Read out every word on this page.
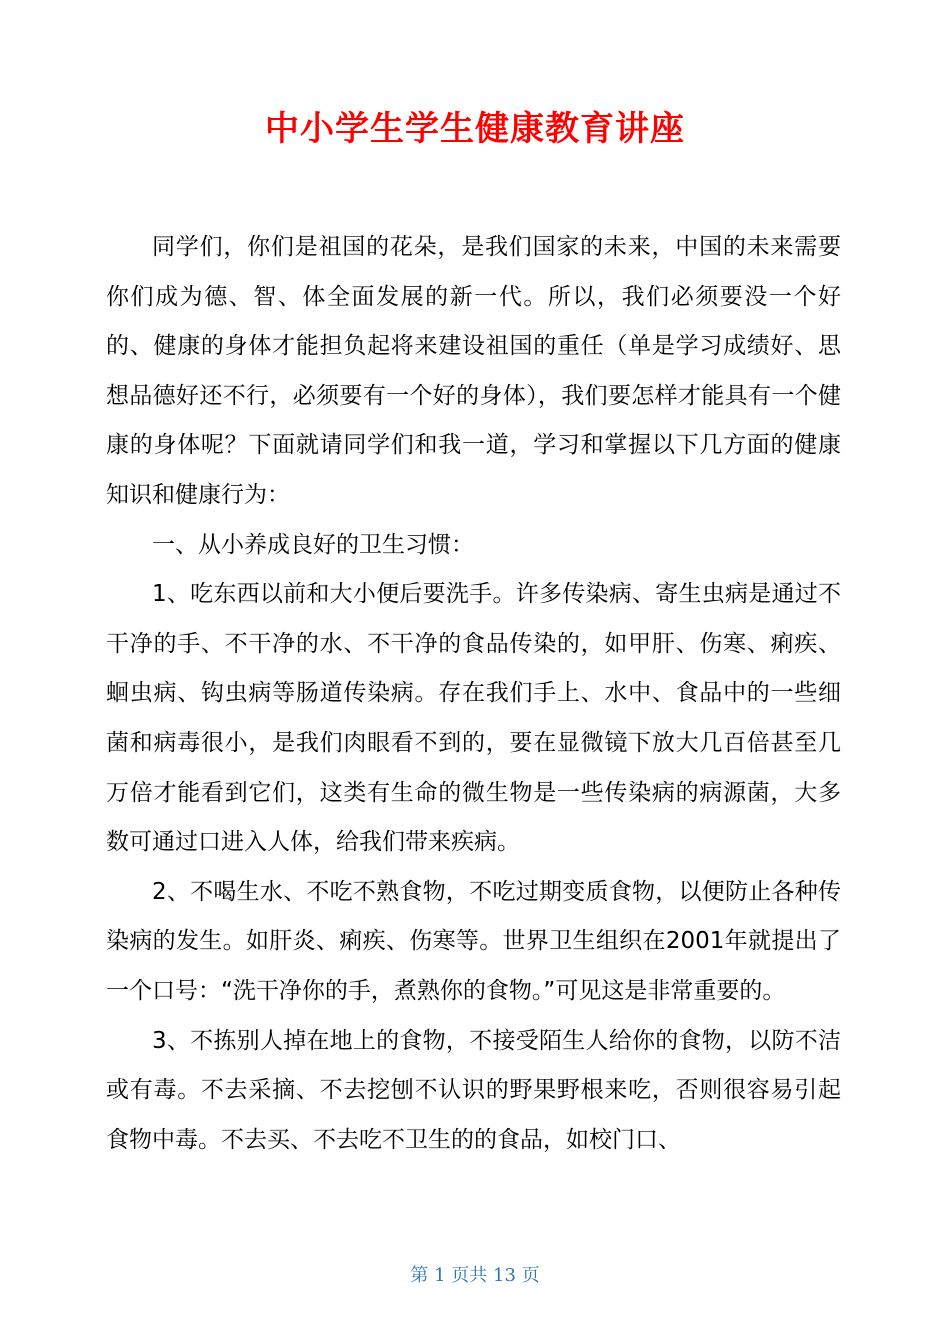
中小学生学生健康教育讲座

同学们，你们是祖国的花朵，是我们国家的未来，中国的未来需要你们成为德、智、体全面发展的新一代。所以，我们必须要没一个好的、健康的身体才能担负起将来建设祖国的重任（单是学习成绩好、思想品德好还不行，必须要有一个好的身体），我们要怎样才能具有一个健康的身体呢？下面就请同学们和我一道，学习和掌握以下几方面的健康知识和健康行为：

一、从小养成良好的卫生习惯：

1、吃东西以前和大小便后要洗手。许多传染病、寄生虫病是通过不干净的手、不干净的水、不干净的食品传染的，如甲肝、伤寒、痢疾、蛔虫病、钩虫病等肠道传染病。存在我们手上、水中、食品中的一些细菌和病毒很小，是我们肉眼看不到的，要在显微镜下放大几百倍甚至几万倍才能看到它们，这类有生命的微生物是一些传染病的病源菌，大多数可通过口进入人体，给我们带来疾病。

2、不喝生水、不吃不熟食物，不吃过期变质食物，以便防止各种传染病的发生。如肝炎、痢疾、伤寒等。世界卫生组织在2001年就提出了一个口号：“洗干净你的手，煮熟你的食物。”可见这是非常重要的。

3、不拣别人掉在地上的食物，不接受陌生人给你的食物，以防不洁或有毒。不去采摘、不去挖刨不认识的野果野根来吃，否则很容易引起食物中毒。不去买、不去吃不卫生的的食品，如校门口、

第 1 页共 13 页
